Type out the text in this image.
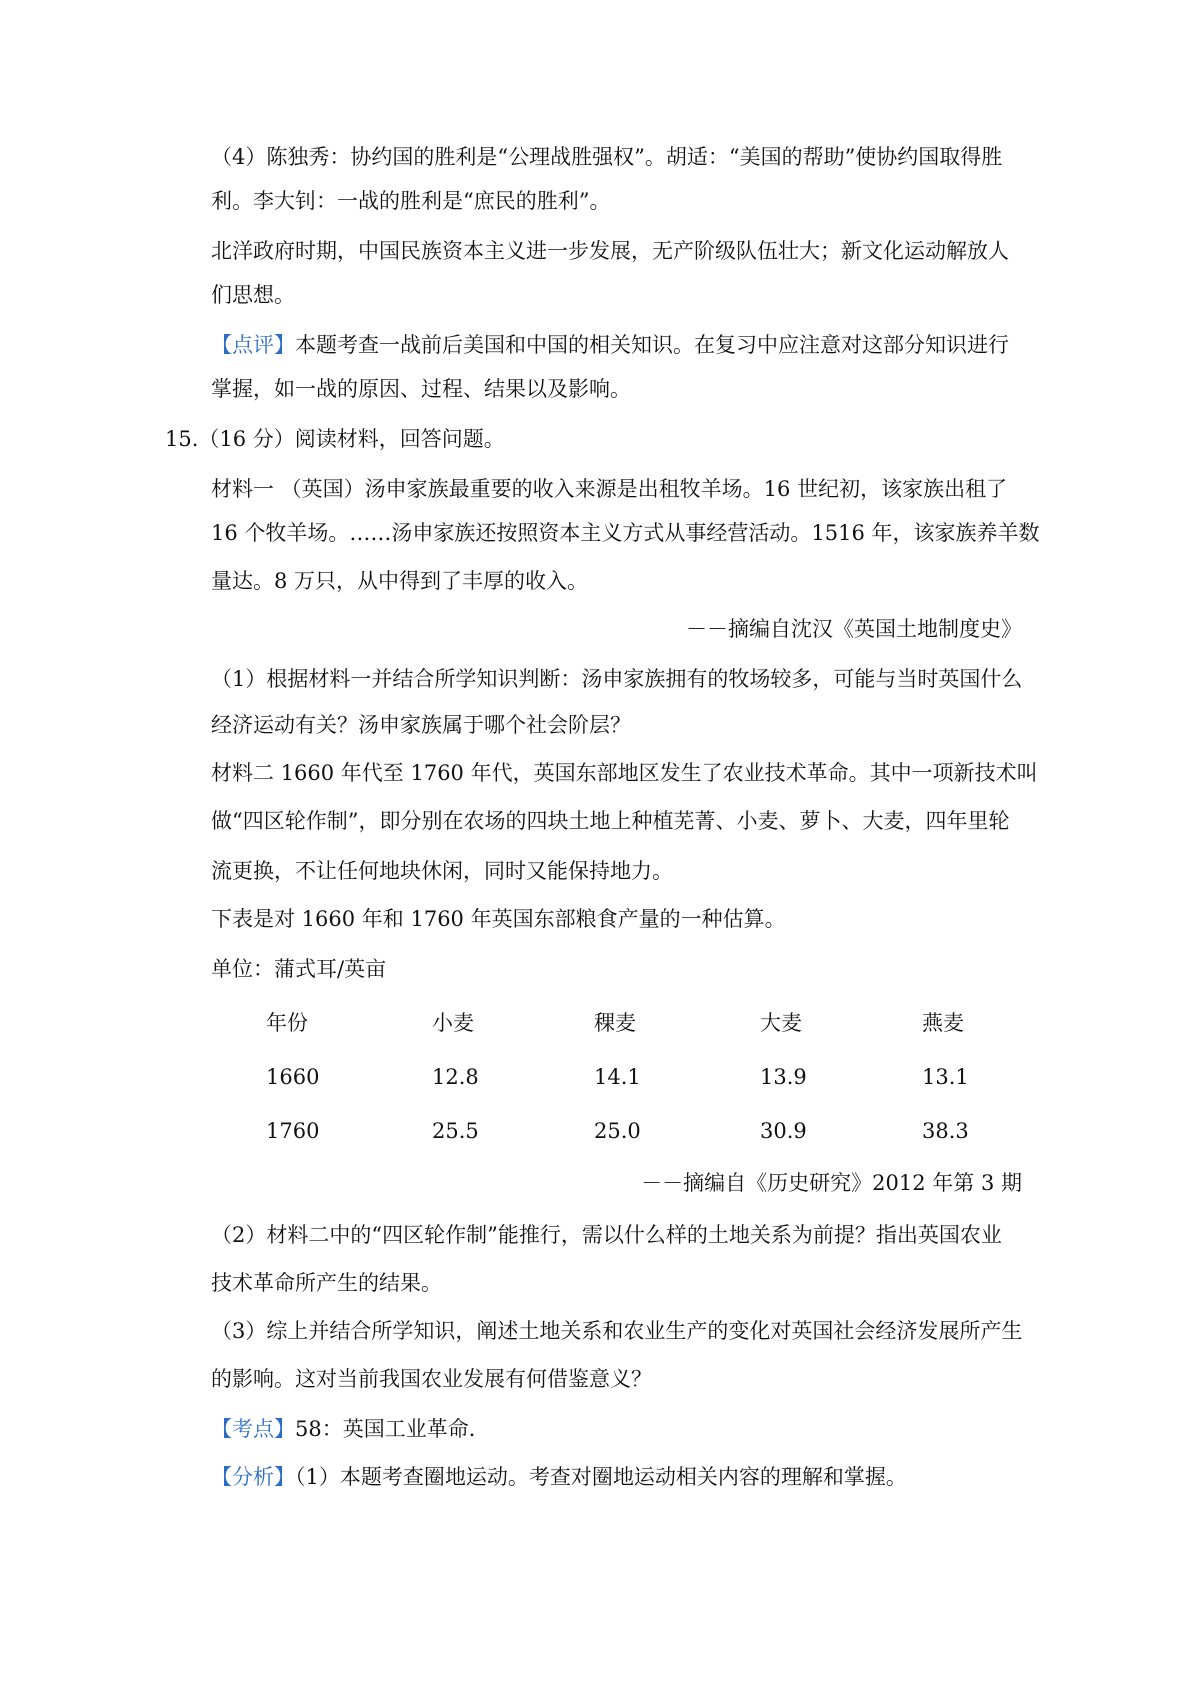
（4）陈独秀：协约国的胜利是“公理战胜强权”。胡适：“美国的帮助”使协约国取得胜
利。李大钊：一战的胜利是“庶民的胜利”。
北洋政府时期，中国民族资本主义进一步发展，无产阶级队伍壮大；新文化运动解放人
们思想。
【点评】本题考查一战前后美国和中国的相关知识。在复习中应注意对这部分知识进行
掌握，如一战的原因、过程、结果以及影响。
15.（16 分）阅读材料，回答问题。
材料一 （英国）汤申家族最重要的收入来源是出租牧羊场。16 世纪初，该家族出租了
16 个牧羊场。……汤申家族还按照资本主义方式从事经营活动。1516 年，该家族养羊数
量达。8 万只，从中得到了丰厚的收入。
－－摘编自沈汉《英国土地制度史》
（1）根据材料一并结合所学知识判断：汤申家族拥有的牧场较多，可能与当时英国什么
经济运动有关？汤申家族属于哪个社会阶层？
材料二 1660 年代至 1760 年代，英国东部地区发生了农业技术革命。其中一项新技术叫
做“四区轮作制”，即分别在农场的四块土地上种植芜菁、小麦、萝卜、大麦，四年里轮
流更换，不让任何地块休闲，同时又能保持地力。
下表是对 1660 年和 1760 年英国东部粮食产量的一种估算。
单位：蒲式耳/英亩
年份	小麦	稞麦	大麦	燕麦
1660	12.8	14.1	13.9	13.1
1760	25.5	25.0	30.9	38.3
－－摘编自《历史研究》2012 年第 3 期
（2）材料二中的“四区轮作制”能推行，需以什么样的土地关系为前提？指出英国农业
技术革命所产生的结果。
（3）综上并结合所学知识，阐述土地关系和农业生产的变化对英国社会经济发展所产生
的影响。这对当前我国农业发展有何借鉴意义？
【考点】58：英国工业革命．
【分析】（1）本题考查圈地运动。考查对圈地运动相关内容的理解和掌握。
